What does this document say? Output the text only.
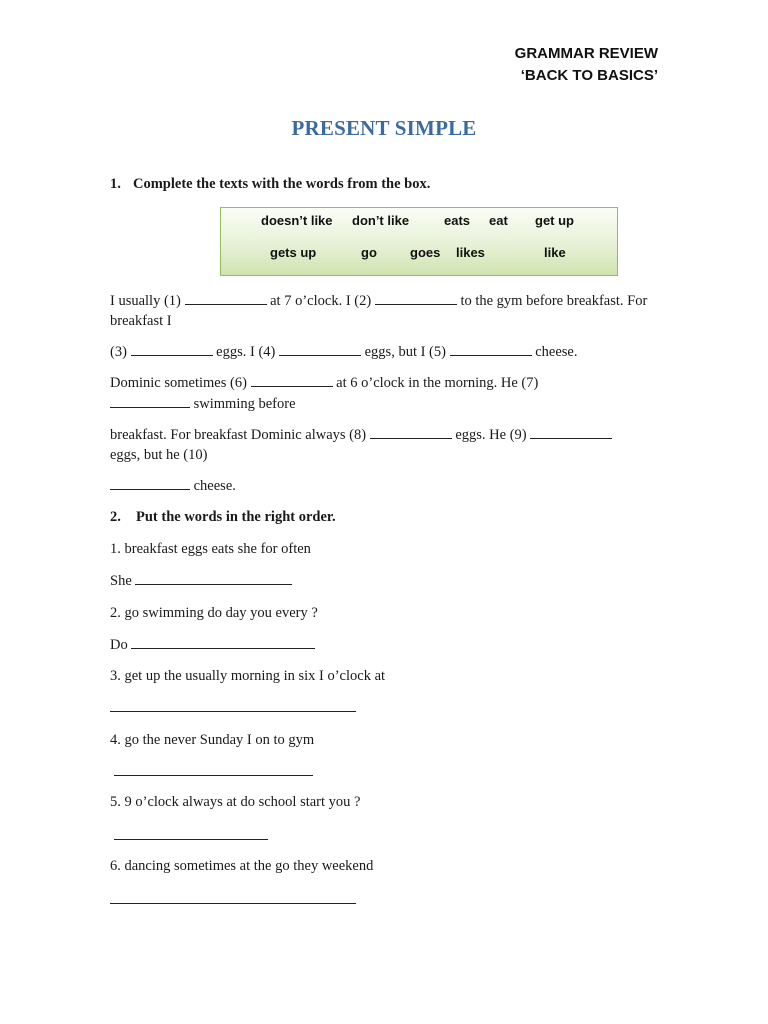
GRAMMAR REVIEW
‘BACK TO BASICS’
PRESENT SIMPLE
1. Complete the texts with the words from the box.
doesn’t like don’t like	eats eat get up
gets up	go	goes likes	like
I usually (1)	at 7 o’clock. I (2)	to the gym before breakfast. For breakfast I
(3)	eggs. I (4)	eggs, but I (5)	cheese.
Dominic sometimes (6)	at 6 o’clock in the morning. He (7)
swimming before
breakfast. For breakfast Dominic always (8)	eggs. He (9)
eggs, but he (10)
cheese.
2. Put the words in the right order.
1. breakfast eggs eats she for often
She
2. go swimming do day you every ?
Do
3. get up the usually morning in six I o’clock at
4. go the never Sunday I on to gym
5. 9 o’clock always at do school start you ?
6. dancing sometimes at the go they weekend
